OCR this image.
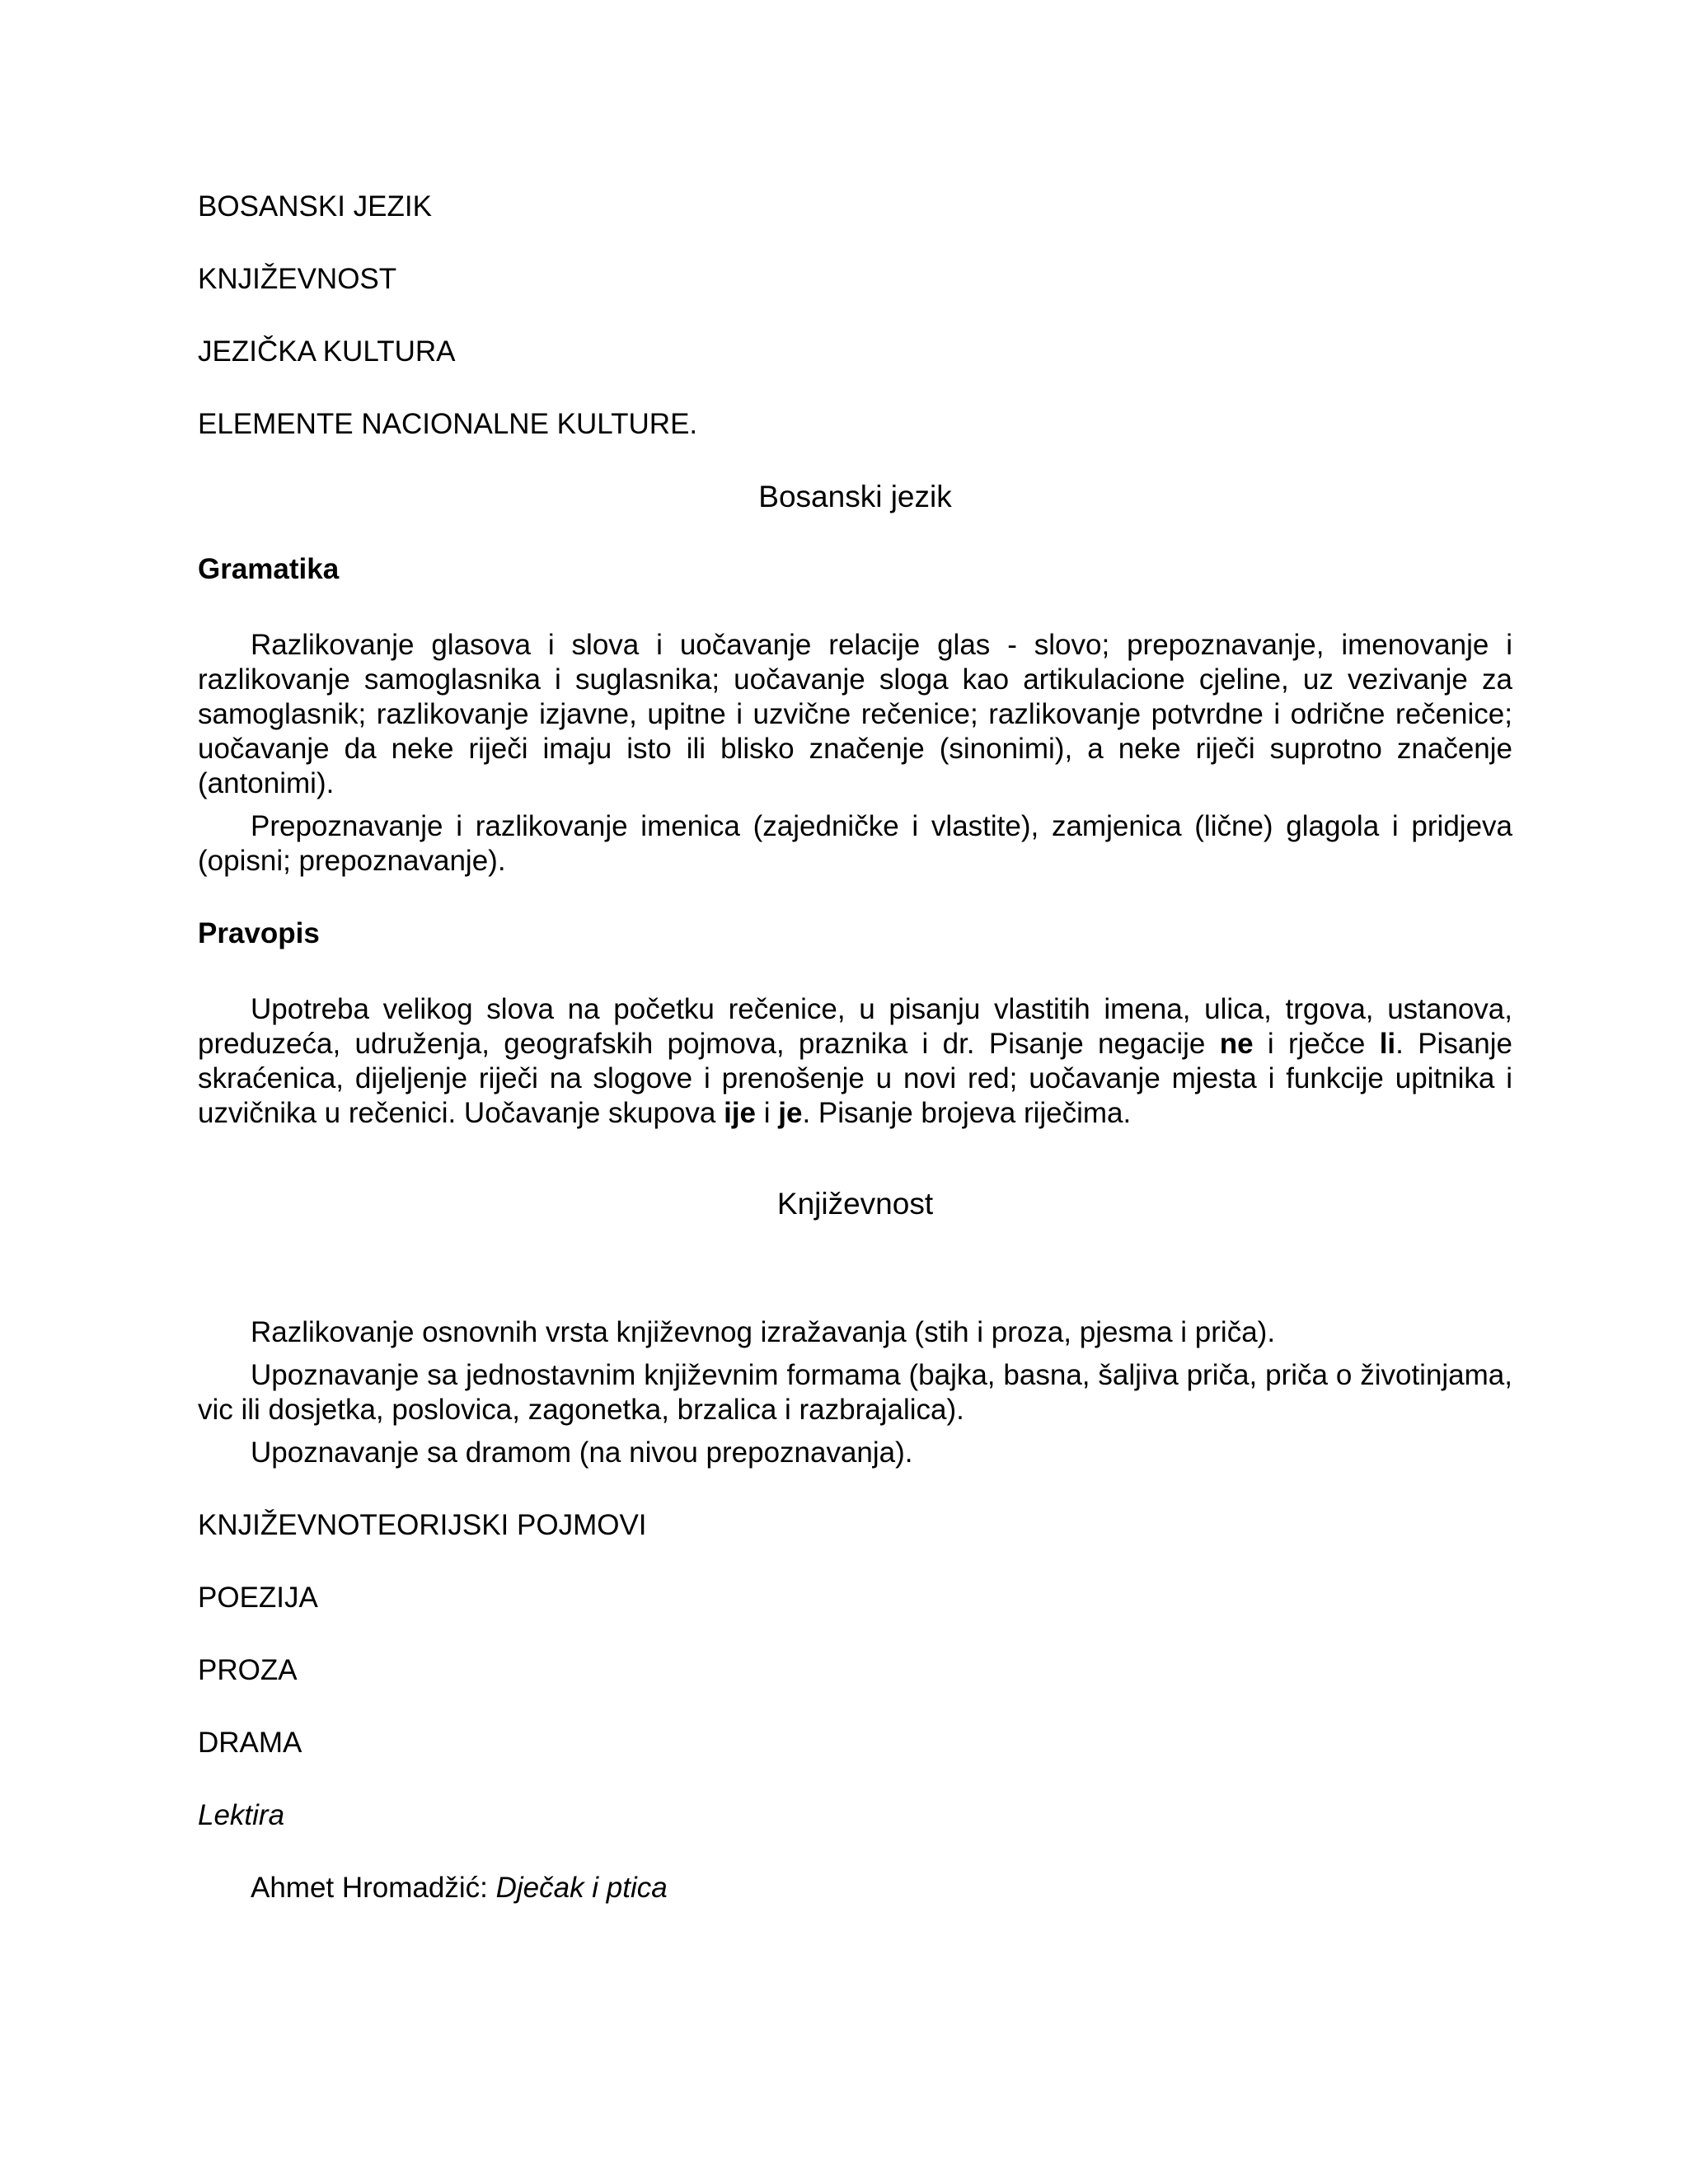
BOSANSKI JEZIK

KNJIŽEVNOST

JEZIČKA KULTURA

ELEMENTE NACIONALNE KULTURE.

Bosanski jezik

Gramatika

Razlikovanje glasova i slova i uočavanje relacije glas - slovo; prepoznavanje, imenovanje i razlikovanje samoglasnika i suglasnika; uočavanje sloga kao artikulacione cjeline, uz vezivanje za samoglasnik; razlikovanje izjavne, upitne i uzvične rečenice; razlikovanje potvrdne i odrične rečenice; uočavanje da neke riječi imaju isto ili blisko značenje (sinonimi), a neke riječi suprotno značenje (antonimi).

Prepoznavanje i razlikovanje imenica (zajedničke i vlastite), zamjenica (lične) glagola i pridjeva (opisni; prepoznavanje).

Pravopis

Upotreba velikog slova na početku rečenice, u pisanju vlastitih imena, ulica, trgova, ustanova, preduzeća, udruženja, geografskih pojmova, praznika i dr. Pisanje negacije ne i rječce li. Pisanje skraćenica, dijeljenje riječi na slogove i prenošenje u novi red; uočavanje mjesta i funkcije upitnika i uzvičnika u rečenici. Uočavanje skupova ije i je. Pisanje brojeva riječima.

Književnost

Razlikovanje osnovnih vrsta književnog izražavanja (stih i proza, pjesma i priča).

Upoznavanje sa jednostavnim književnim formama (bajka, basna, šaljiva priča, priča o životinjama, vic ili dosjetka, poslovica, zagonetka, brzalica i razbrajalica).

Upoznavanje sa dramom (na nivou prepoznavanja).

KNJIŽEVNOTEORIJSKI POJMOVI

POEZIJA

PROZA

DRAMA

Lektira

Ahmet Hromadžić: Dječak i ptica
